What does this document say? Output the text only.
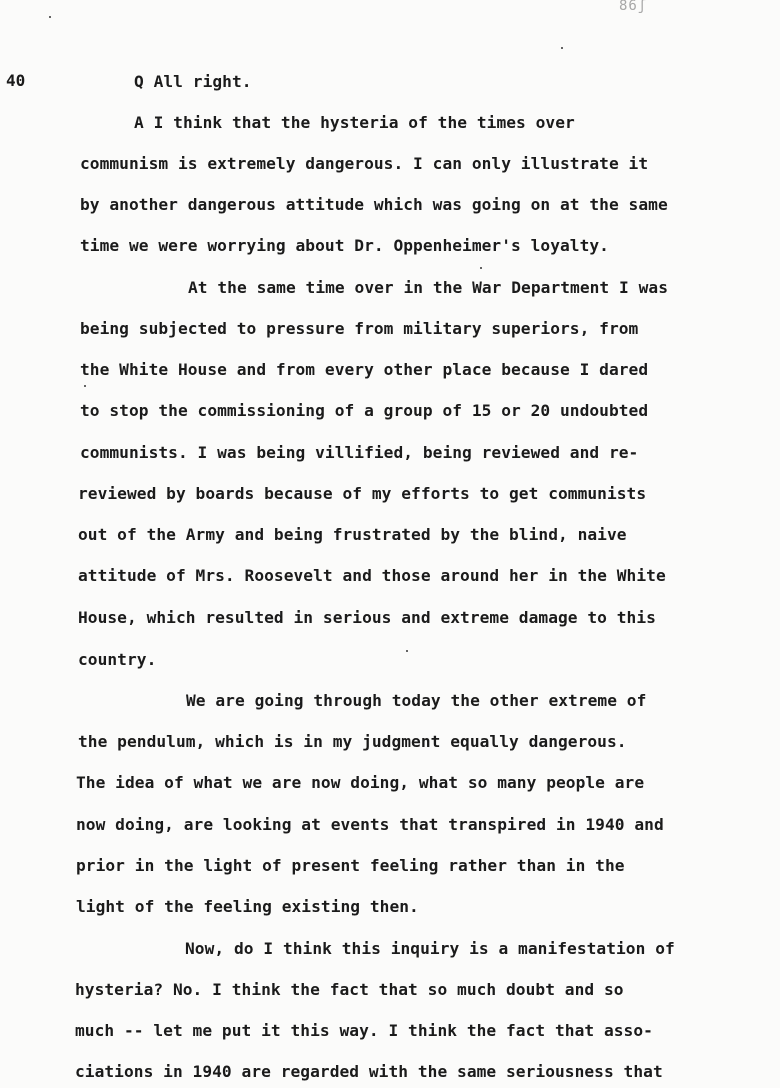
86ʃ
40	Q All right.
A I think that the hysteria of the times over
communism is extremely dangerous. I can only illustrate it
by another dangerous attitude which was going on at the same
time we were worrying about Dr. Oppenheimer's loyalty.
At the same time over in the War Department I was
being subjected to pressure from military superiors, from
the White House and from every other place because I dared
to stop the commissioning of a group of 15 or 20 undoubted
communists. I was being villified, being reviewed and re-
reviewed by boards because of my efforts to get communists
out of the Army and being frustrated by the blind, naive
attitude of Mrs. Roosevelt and those around her in the White
House, which resulted in serious and extreme damage to this
country.
We are going through today the other extreme of
the pendulum, which is in my judgment equally dangerous.
The idea of what we are now doing, what so many people are
now doing, are looking at events that transpired in 1940 and
prior in the light of present feeling rather than in the
light of the feeling existing then.
Now, do I think this inquiry is a manifestation of
hysteria? No. I think the fact that so much doubt and so
much -- let me put it this way. I think the fact that asso-
ciations in 1940 are regarded with the same seriousness that
